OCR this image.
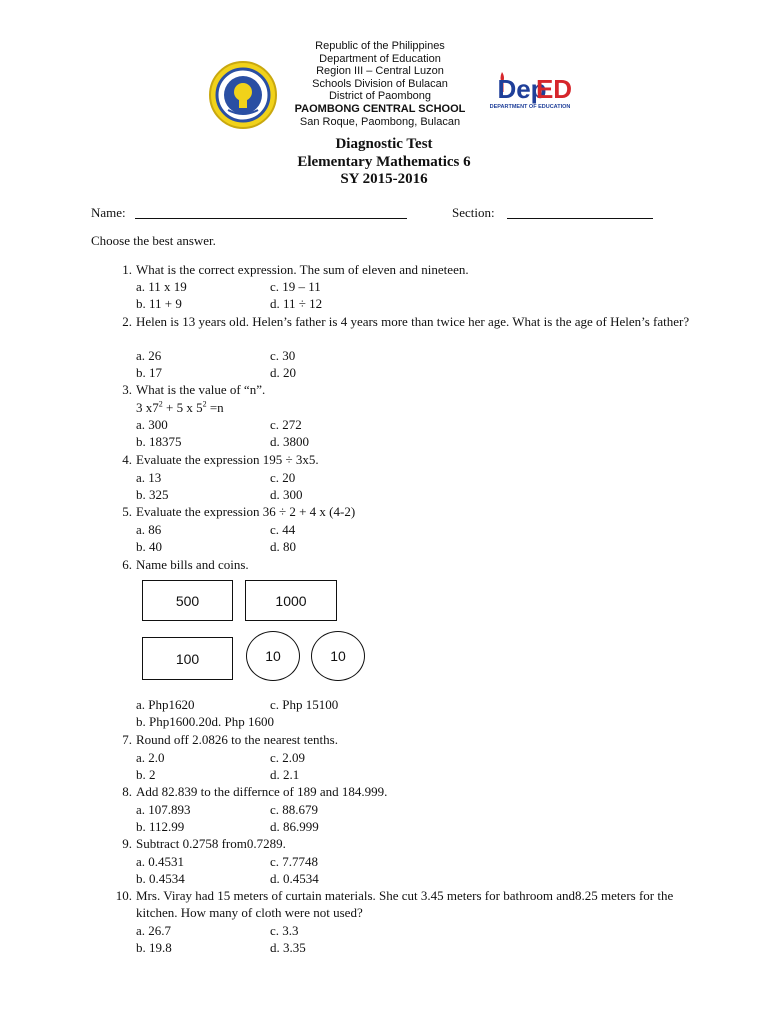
Republic of the Philippines
Department of Education
Region III – Central Luzon
Schools Division of Bulacan
District of Paombong
PAOMBONG CENTRAL SCHOOL
San Roque, Paombong, Bulacan
Dep
ED
DEPARTMENT OF EDUCATION
Diagnostic Test
Elementary Mathematics 6
SY 2015-2016
Name:	Section:
Choose the best answer.
1. What is the correct expression. The sum of eleven and nineteen.
a. 11 x 19	c. 19 – 11
b. 11 + 9	d. 11 ÷ 12
2. Helen is 13 years old. Helen’s father is 4 years more than twice her age. What is the age of Helen’s father?
a. 26	c. 30
b. 17	d. 20
3. What is the value of “n”.
3 $x7^2 + 5$ x $5^2 =n$
a. 300	c. 272
b. 18375	d. 3800
4. Evaluate the expression 195 ÷ 3x5.
a. 13	c. 20
b. 325	d. 300
5. Evaluate the expression 36 ÷ 2 + 4 x (4-2)
a. 86	c. 44
b. 40	d. 80
6. Name bills and coins.
500	1000
100	10	10
a. Php1620	c. Php 15100
b. Php1600.20d. Php 1600
7. Round off 2.0826 to the nearest tenths.
a. 2.0	c. 2.09
b. 2	d. 2.1
8. Add 82.839 to the differnce of 189 and 184.999.
a. 107.893	c. 88.679
b. 112.99	d. 86.999
9. Subtract 0.2758 from0.7289.
a. 0.4531	c. 7.7748
b. 0.4534	d. 0.4534
10. Mrs. Viray had 15 meters of curtain materials. She cut 3.45 meters for bathroom and8.25 meters for the kitchen. How many of cloth were not used?
a. 26.7	c. 3.3
b. 19.8	d. 3.35
